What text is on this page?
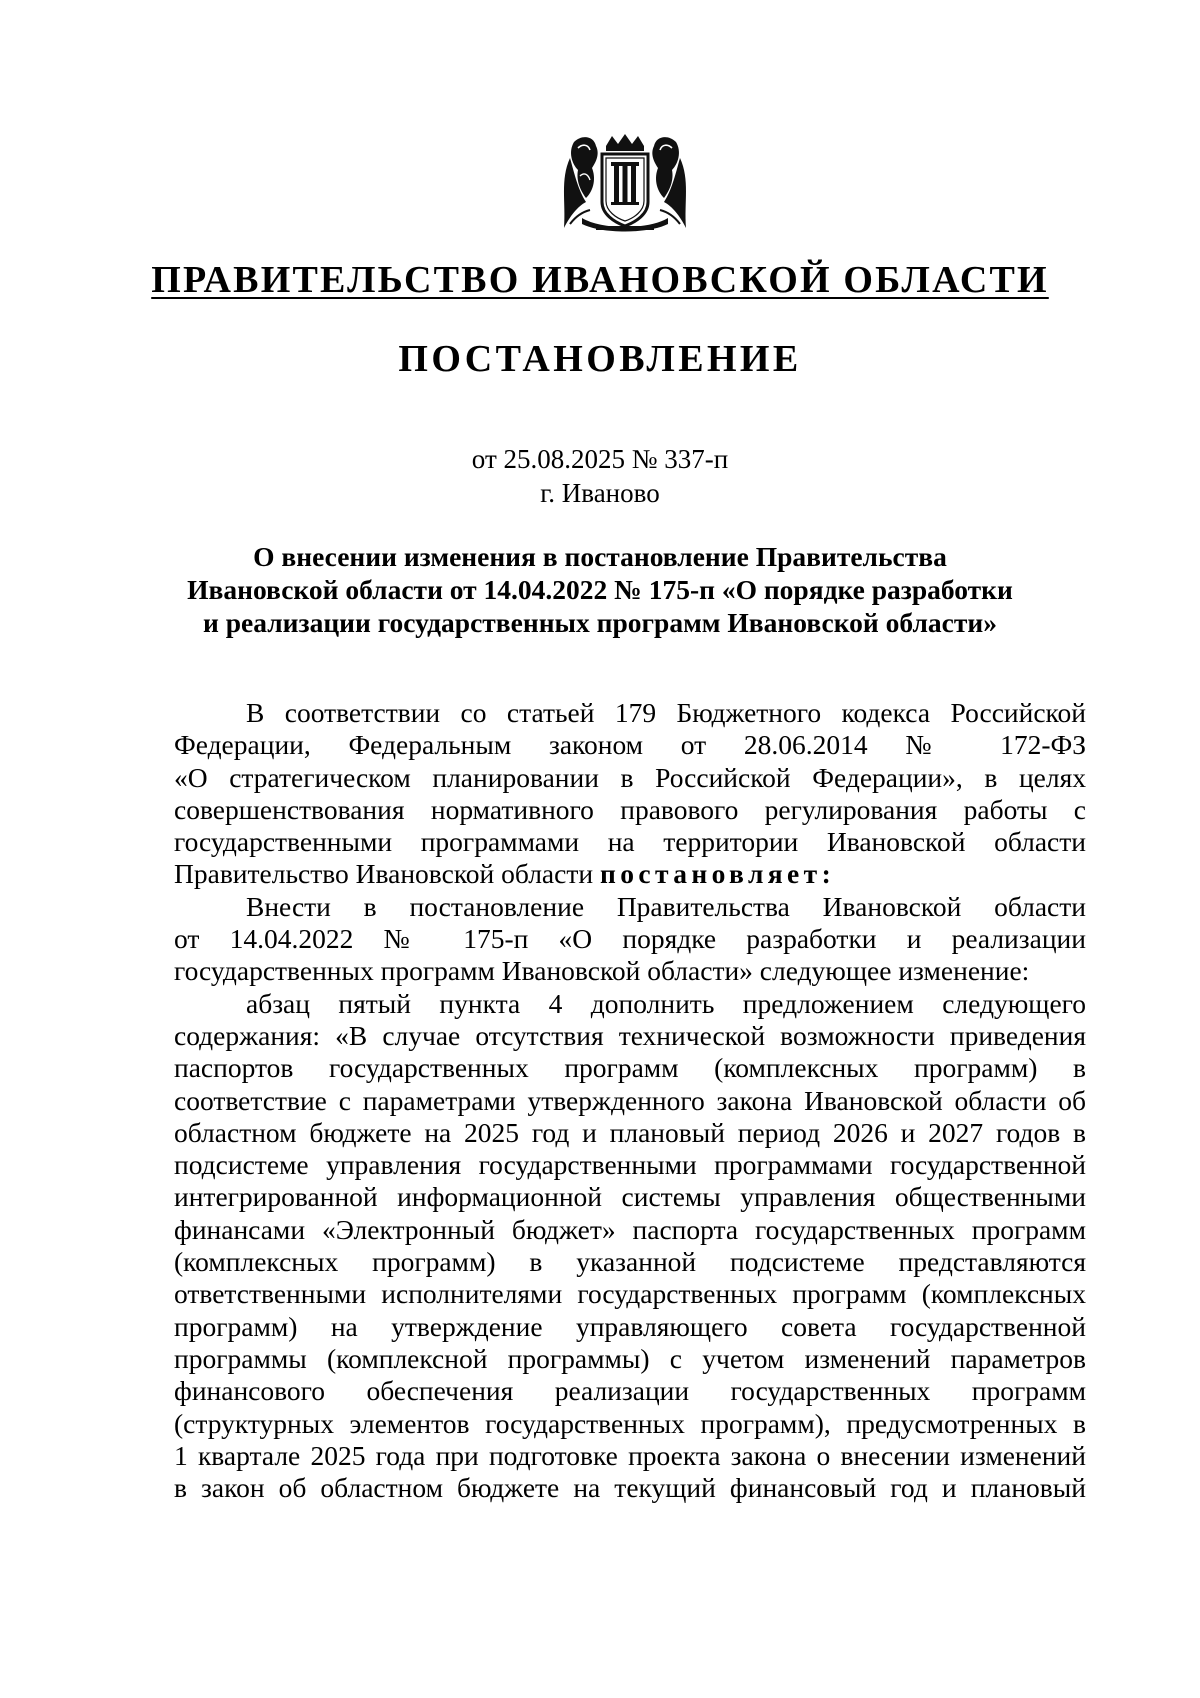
ПРАВИТЕЛЬСТВО ИВАНОВСКОЙ ОБЛАСТИ
ПОСТАНОВЛЕНИЕ
от 25.08.2025 № 337-п
г. Иваново
О внесении изменения в постановление Правительства
Ивановской области от 14.04.2022 № 175-п «О порядке разработки
и реализации государственных программ Ивановской области»
В соответствии со статьей 179 Бюджетного кодекса Российской
Федерации, Федеральным законом от 28.06.2014 № 172-ФЗ
«О стратегическом планировании в Российской Федерации», в целях
совершенствования нормативного правового регулирования работы с
государственными программами на территории Ивановской области
Правительство Ивановской области постановляет:
Внести в постановление Правительства Ивановской области
от 14.04.2022 № 175-п «О порядке разработки и реализации
государственных программ Ивановской области» следующее изменение:
абзац пятый пункта 4 дополнить предложением следующего
содержания: «В случае отсутствия технической возможности приведения
паспортов государственных программ (комплексных программ) в
соответствие с параметрами утвержденного закона Ивановской области об
областном бюджете на 2025 год и плановый период 2026 и 2027 годов в
подсистеме управления государственными программами государственной
интегрированной информационной системы управления общественными
финансами «Электронный бюджет» паспорта государственных программ
(комплексных программ) в указанной подсистеме представляются
ответственными исполнителями государственных программ (комплексных
программ) на утверждение управляющего совета государственной
программы (комплексной программы) с учетом изменений параметров
финансового обеспечения реализации государственных программ
(структурных элементов государственных программ), предусмотренных в
1 квартале 2025 года при подготовке проекта закона о внесении изменений
в закон об областном бюджете на текущий финансовый год и плановый
